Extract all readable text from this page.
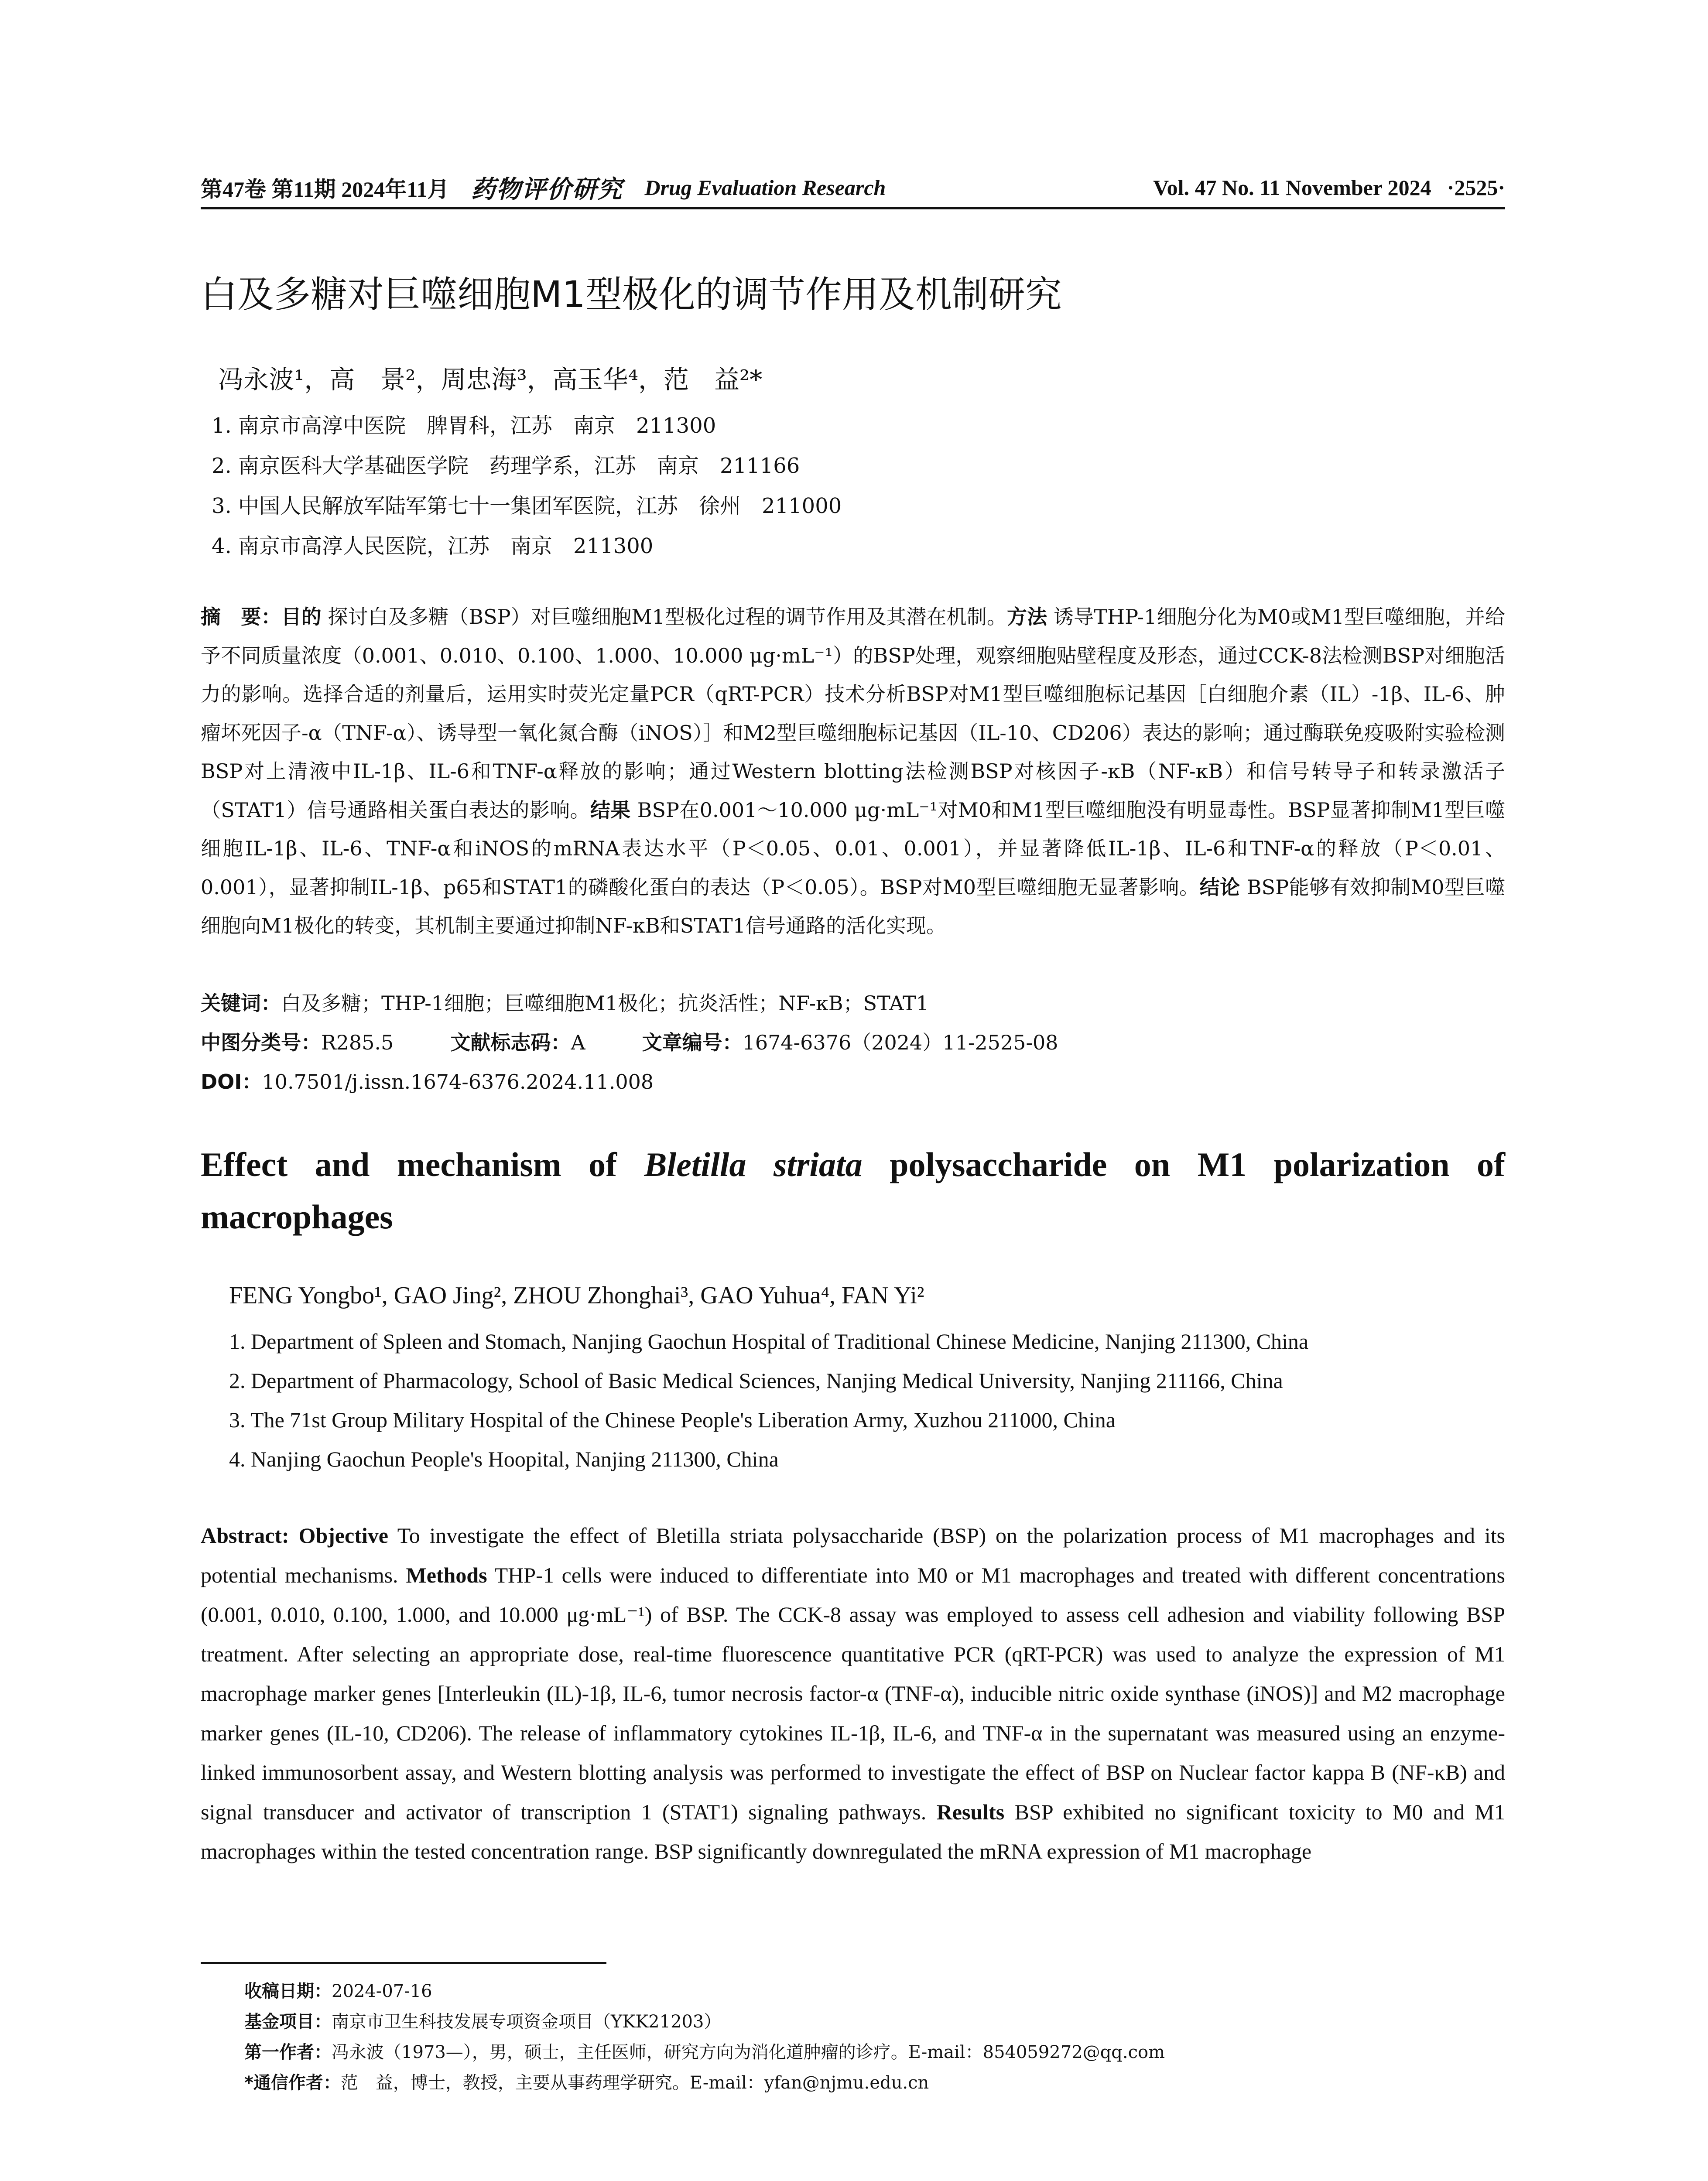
第47卷 第11期 2024年11月 药物评价研究 Drug Evaluation Research	Vol. 47 No. 11 November 2024 ·2525·
白及多糖对巨噬细胞M1型极化的调节作用及机制研究
冯永波¹，高　景²，周忠海³，高玉华⁴，范　益²*
1. 南京市高淳中医院　脾胃科，江苏　南京　211300
2. 南京医科大学基础医学院　药理学系，江苏　南京　211166
3. 中国人民解放军陆军第七十一集团军医院，江苏　徐州　211000
4. 南京市高淳人民医院，江苏　南京　211300
摘　要：目的 探讨白及多糖（BSP）对巨噬细胞M1型极化过程的调节作用及其潜在机制。方法 诱导THP-1细胞分化为M0或M1型巨噬细胞，并给予不同质量浓度（0.001、0.010、0.100、1.000、10.000 μg·mL⁻¹）的BSP处理，观察细胞贴壁程度及形态，通过CCK-8法检测BSP对细胞活力的影响。选择合适的剂量后，运用实时荧光定量PCR（qRT-PCR）技术分析BSP对M1型巨噬细胞标记基因［白细胞介素（IL）-1β、IL-6、肿瘤坏死因子-α（TNF-α）、诱导型一氧化氮合酶（iNOS）］和M2型巨噬细胞标记基因（IL-10、CD206）表达的影响；通过酶联免疫吸附实验检测BSP对上清液中IL-1β、IL-6和TNF-α释放的影响；通过Western blotting法检测BSP对核因子-κB（NF-κB）和信号转导子和转录激活子（STAT1）信号通路相关蛋白表达的影响。结果 BSP在0.001～10.000 μg·mL⁻¹对M0和M1型巨噬细胞没有明显毒性。BSP显著抑制M1型巨噬细胞IL-1β、IL-6、TNF-α和iNOS的mRNA表达水平（P＜0.05、0.01、0.001），并显著降低IL-1β、IL-6和TNF-α的释放（P＜0.01、0.001），显著抑制IL-1β、p65和STAT1的磷酸化蛋白的表达（P＜0.05）。BSP对M0型巨噬细胞无显著影响。结论 BSP能够有效抑制M0型巨噬细胞向M1极化的转变，其机制主要通过抑制NF-κB和STAT1信号通路的活化实现。
关键词：白及多糖；THP-1细胞；巨噬细胞M1极化；抗炎活性；NF-κB；STAT1
中图分类号：R285.5	文献标志码：A	文章编号：1674-6376（2024）11-2525-08
DOI：10.7501/j.issn.1674-6376.2024.11.008
Effect and mechanism of Bletilla striata polysaccharide on M1 polarization of macrophages
FENG Yongbo¹, GAO Jing², ZHOU Zhonghai³, GAO Yuhua⁴, FAN Yi²
1. Department of Spleen and Stomach, Nanjing Gaochun Hospital of Traditional Chinese Medicine, Nanjing 211300, China
2. Department of Pharmacology, School of Basic Medical Sciences, Nanjing Medical University, Nanjing 211166, China
3. The 71st Group Military Hospital of the Chinese People's Liberation Army, Xuzhou 211000, China
4. Nanjing Gaochun People's Hoopital, Nanjing 211300, China
Abstract: Objective To investigate the effect of Bletilla striata polysaccharide (BSP) on the polarization process of M1 macrophages and its potential mechanisms. Methods THP-1 cells were induced to differentiate into M0 or M1 macrophages and treated with different concentrations (0.001, 0.010, 0.100, 1.000, and 10.000 μg·mL⁻¹) of BSP. The CCK-8 assay was employed to assess cell adhesion and viability following BSP treatment. After selecting an appropriate dose, real-time fluorescence quantitative PCR (qRT-PCR) was used to analyze the expression of M1 macrophage marker genes [Interleukin (IL)-1β, IL-6, tumor necrosis factor-α (TNF-α), inducible nitric oxide synthase (iNOS)] and M2 macrophage marker genes (IL-10, CD206). The release of inflammatory cytokines IL-1β, IL-6, and TNF-α in the supernatant was measured using an enzyme-linked immunosorbent assay, and Western blotting analysis was performed to investigate the effect of BSP on Nuclear factor kappa B (NF-κB) and signal transducer and activator of transcription 1 (STAT1) signaling pathways. Results BSP exhibited no significant toxicity to M0 and M1 macrophages within the tested concentration range. BSP significantly downregulated the mRNA expression of M1 macrophage
收稿日期：2024-07-16
基金项目：南京市卫生科技发展专项资金项目（YKK21203）
第一作者：冯永波（1973—），男，硕士，主任医师，研究方向为消化道肿瘤的诊疗。E-mail：854059272@qq.com
*通信作者：范　益，博士，教授，主要从事药理学研究。E-mail：yfan@njmu.edu.cn
